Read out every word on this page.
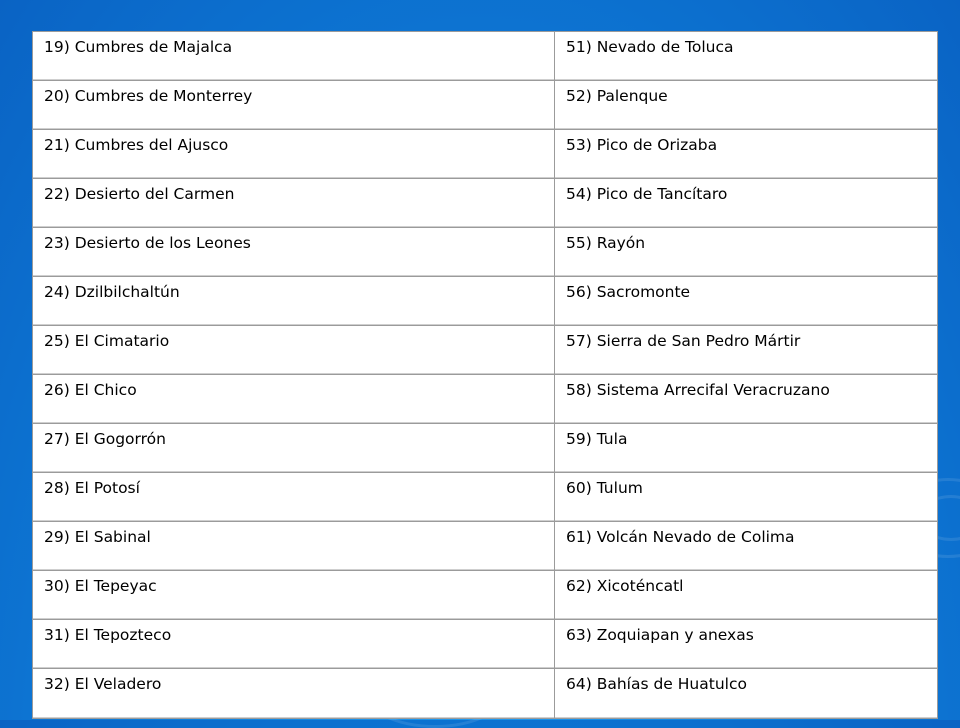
19) Cumbres de Majalca	51) Nevado de Toluca
20) Cumbres de Monterrey	52) Palenque
21) Cumbres del Ajusco	53) Pico de Orizaba
22) Desierto del Carmen	54) Pico de Tancítaro
23) Desierto de los Leones	55) Rayón
24) Dzilbilchaltún	56) Sacromonte
25) El Cimatario	57) Sierra de San Pedro Mártir
26) El Chico	58) Sistema Arrecifal Veracruzano
27) El Gogorrón	59) Tula
28) El Potosí	60) Tulum
29) El Sabinal	61) Volcán Nevado de Colima
30) El Tepeyac	62) Xicoténcatl
31) El Tepozteco	63) Zoquiapan y anexas
32) El Veladero	64) Bahías de Huatulco
